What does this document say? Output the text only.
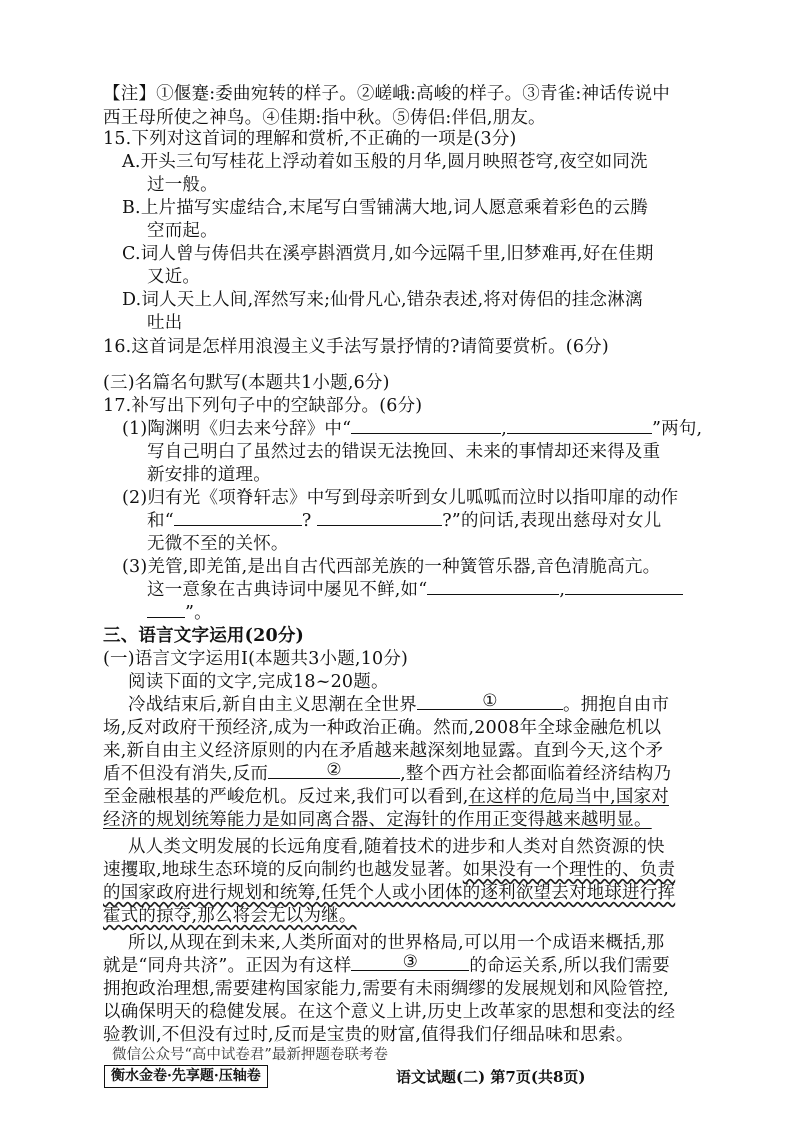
【注】①偃蹇:委曲宛转的样子。②嵯峨:高峻的样子。③青雀:神话传说中
西王母所使之神鸟。④佳期:指中秋。⑤俦侣:伴侣,朋友。
15.下列对这首词的理解和赏析,不正确的一项是(3分)
A.开头三句写桂花上浮动着如玉般的月华,圆月映照苍穹,夜空如同洗
过一般。
B.上片描写实虚结合,末尾写白雪铺满大地,词人愿意乘着彩色的云腾
空而起。
C.词人曾与俦侣共在溪亭斟酒赏月,如今远隔千里,旧梦难再,好在佳期
又近。
D.词人天上人间,浑然写来;仙骨凡心,错杂表述,将对俦侣的挂念淋漓
吐出
16.这首词是怎样用浪漫主义手法写景抒情的?请简要赏析。(6分)
(三)名篇名句默写(本题共1小题,6分)
17.补写出下列句子中的空缺部分。(6分)
(1)陶渊明《归去来兮辞》中“	,	”两句,
写自己明白了虽然过去的错误无法挽回、未来的事情却还来得及重
新安排的道理。
(2)归有光《项脊轩志》中写到母亲听到女儿呱呱而泣时以指叩扉的动作
和“	?	?”的问话,表现出慈母对女儿
无微不至的关怀。
(3)羌管,即羌笛,是出自古代西部羌族的一种簧管乐器,音色清脆高亢。
这一意象在古典诗词中屡见不鲜,如“	,
”。
三、语言文字运用(20分)
(一)语言文字运用Ⅰ(本题共3小题,10分)
阅读下面的文字,完成18~20题。
冷战结束后,新自由主义思潮在全世界	①	。拥抱自由市
场,反对政府干预经济,成为一种政治正确。然而,2008年全球金融危机以
来,新自由主义经济原则的内在矛盾越来越深刻地显露。直到今天,这个矛
盾不但没有消失,反而	②	,整个西方社会都面临着经济结构乃
至金融根基的严峻危机。反过来,我们可以看到,在这样的危局当中,国家对
经济的规划统筹能力是如同离合器、定海针的作用正变得越来越明显。
从人类文明发展的长远角度看,随着技术的进步和人类对自然资源的快
速攫取,地球生态环境的反向制约也越发显著。如果没有一个理性的、负责
的国家政府进行规划和统筹,任凭个人或小团体的逐利欲望去对地球进行挥
霍式的掠夺,那么将会无以为继。
所以,从现在到未来,人类所面对的世界格局,可以用一个成语来概括,那
就是“同舟共济”。正因为有这样	③	的命运关系,所以我们需要
拥抱政治理想,需要建构国家能力,需要有未雨绸缪的发展规划和风险管控,
以确保明天的稳健发展。在这个意义上讲,历史上改革家的思想和变法的经
验教训,不但没有过时,反而是宝贵的财富,值得我们仔细品味和思索。
微信公众号“高中试卷君”最新押题卷联考卷
衡水金卷·先享题·压轴卷	语文试题(二) 第7页(共8页)
